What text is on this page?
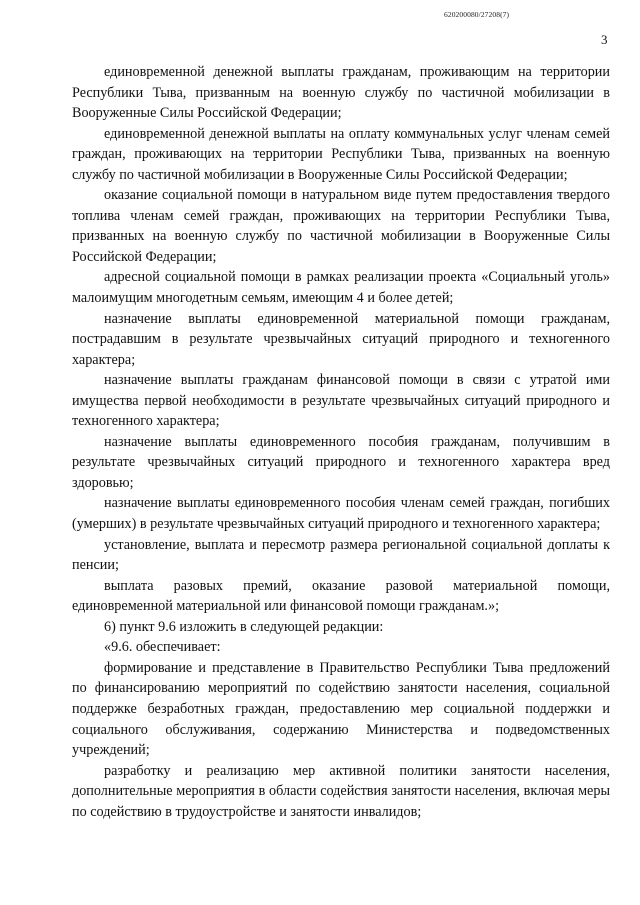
620200080/27208(7)
3

единовременной денежной выплаты гражданам, проживающим на территории Республики Тыва, призванным на военную службу по частичной мобилизации в Вооруженные Силы Российской Федерации;

единовременной денежной выплаты на оплату коммунальных услуг членам семей граждан, проживающих на территории Республики Тыва, призванных на военную службу по частичной мобилизации в Вооруженные Силы Российской Федерации;

оказание социальной помощи в натуральном виде путем предоставления твердого топлива членам семей граждан, проживающих на территории Республики Тыва, призванных на военную службу по частичной мобилизации в Вооруженные Силы Российской Федерации;

адресной социальной помощи в рамках реализации проекта «Социальный уголь» малоимущим многодетным семьям, имеющим 4 и более детей;

назначение выплаты единовременной материальной помощи гражданам, пострадавшим в результате чрезвычайных ситуаций природного и техногенного характера;

назначение выплаты гражданам финансовой помощи в связи с утратой ими имущества первой необходимости в результате чрезвычайных ситуаций природного и техногенного характера;

назначение выплаты единовременного пособия гражданам, получившим в результате чрезвычайных ситуаций природного и техногенного характера вред здоровью;

назначение выплаты единовременного пособия членам семей граждан, погибших (умерших) в результате чрезвычайных ситуаций природного и техногенного характера;

установление, выплата и пересмотр размера региональной социальной доплаты к пенсии;

выплата разовых премий, оказание разовой материальной помощи, единовременной материальной или финансовой помощи гражданам.»;

6) пункт 9.6 изложить в следующей редакции:

«9.6. обеспечивает:

формирование и представление в Правительство Республики Тыва предложений по финансированию мероприятий по содействию занятости населения, социальной поддержке безработных граждан, предоставлению мер социальной поддержки и социального обслуживания, содержанию Министерства и подведомственных учреждений;

разработку и реализацию мер активной политики занятости населения, дополнительные мероприятия в области содействия занятости населения, включая меры по содействию в трудоустройстве и занятости инвалидов;
